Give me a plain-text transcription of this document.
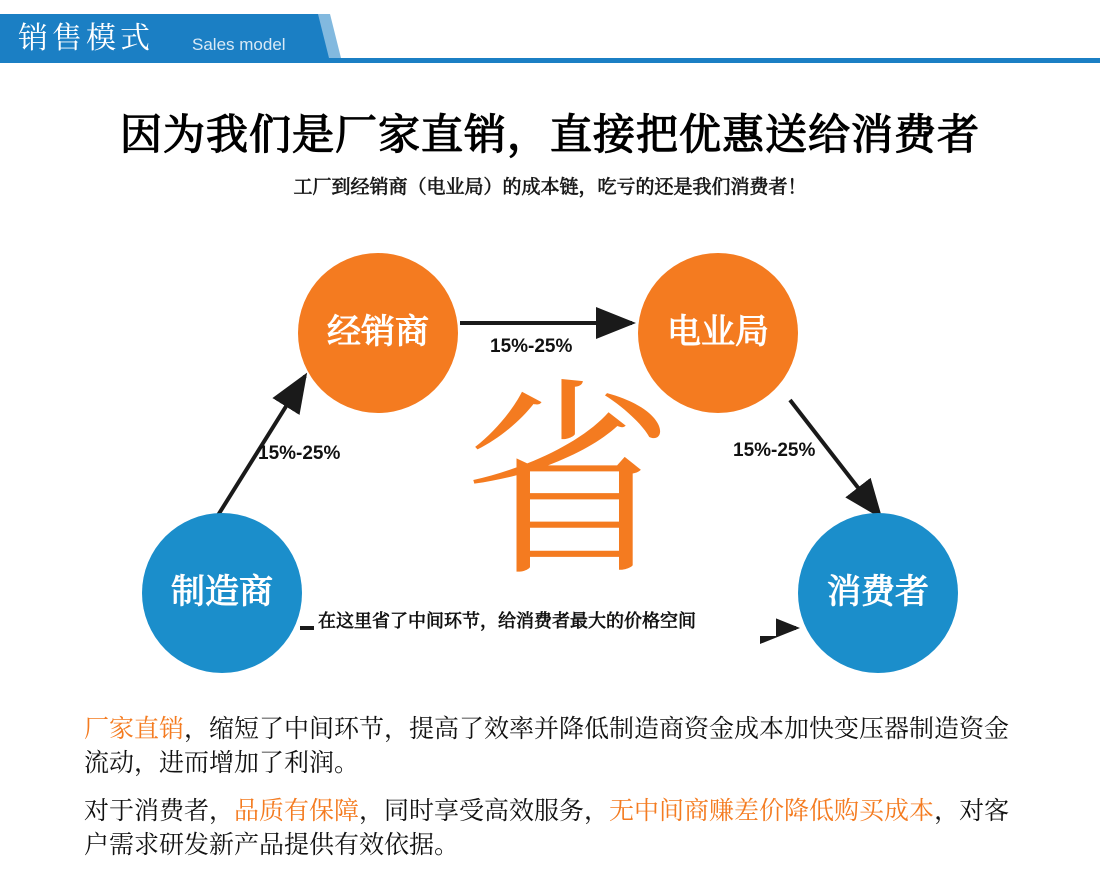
销售模式 Sales model
因为我们是厂家直销，直接把优惠送给消费者
工厂到经销商（电业局）的成本链，吃亏的还是我们消费者！
省
经销商	电业局
制造商	消费者
15%-25%
15%-25%
15%-25%
在这里省了中间环节，给消费者最大的价格空间

厂家直销，缩短了中间环节，提高了效率并降低制造商资金成本加快变压器制造资金流动，进而增加了利润。

对于消费者，品质有保障，同时享受高效服务，无中间商赚差价降低购买成本，对客户需求研发新产品提供有效依据。
